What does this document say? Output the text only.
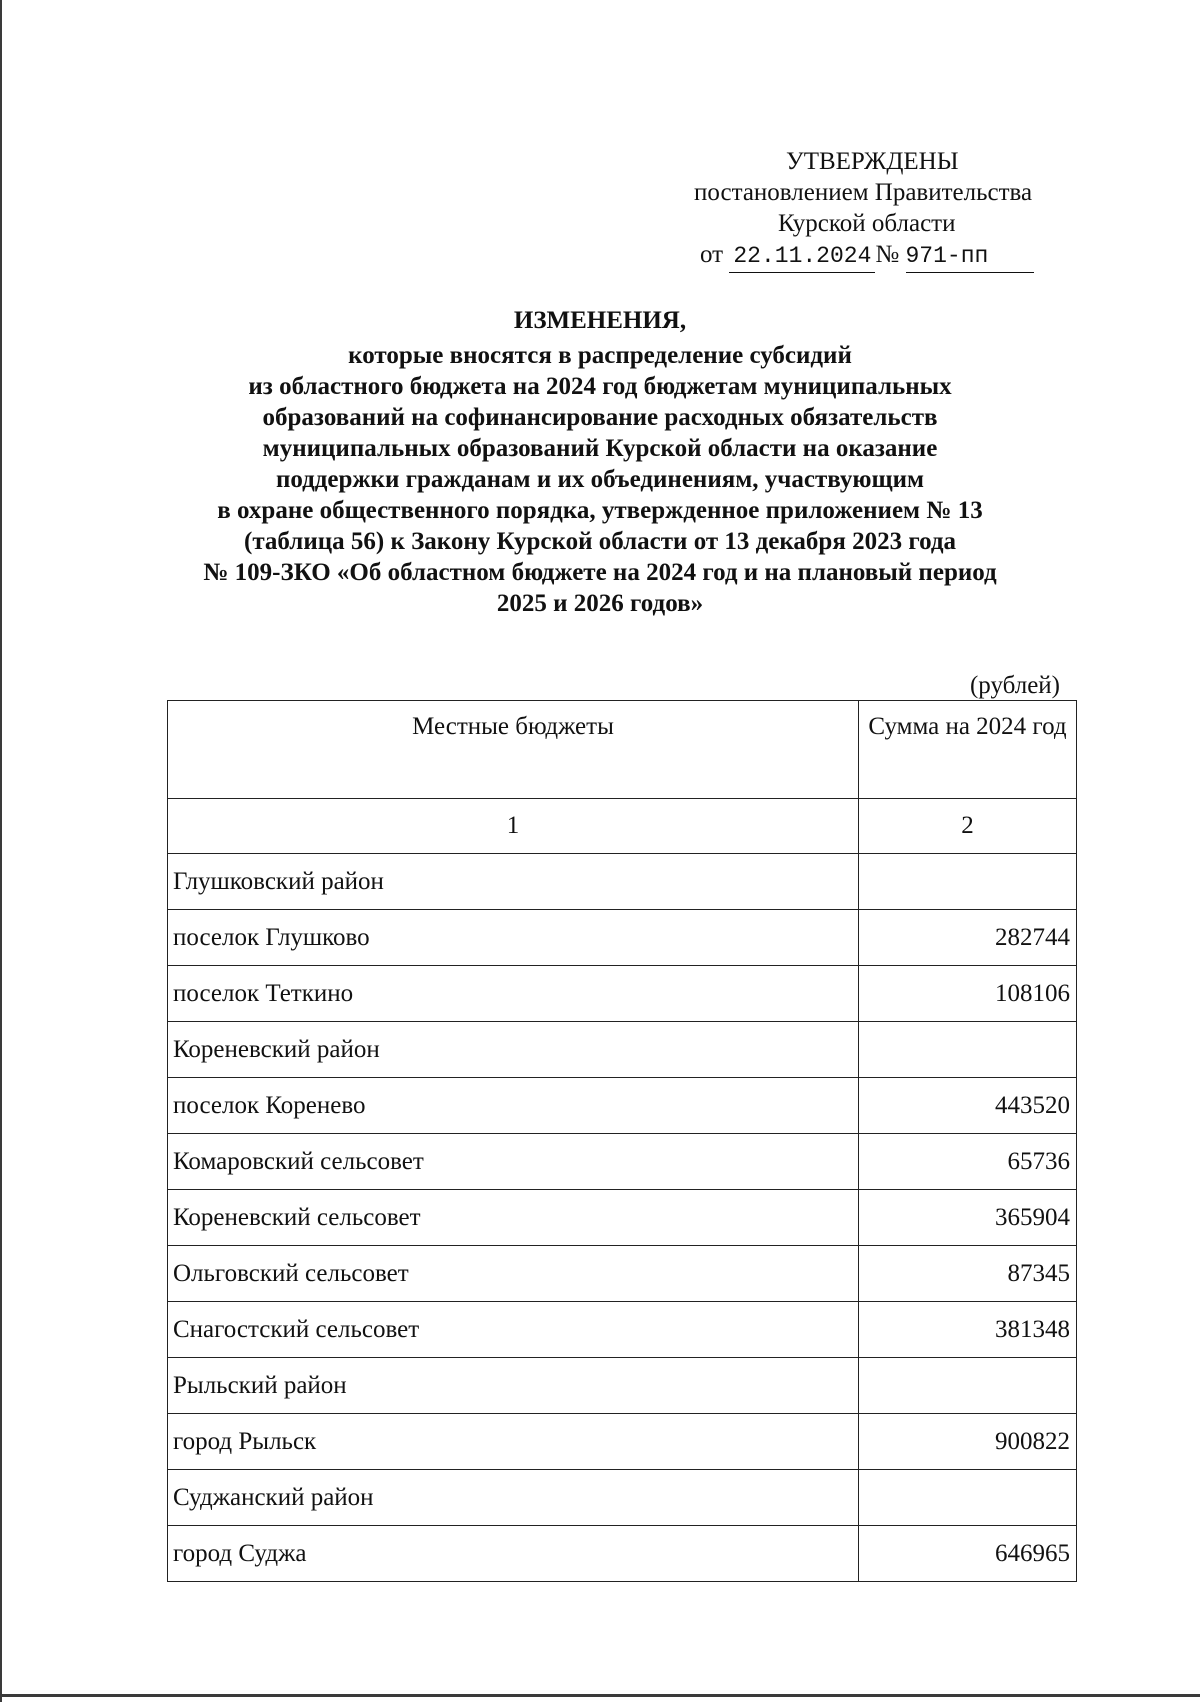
УТВЕРЖДЕНЫ
постановлением Правительства
Курской области
от 22.11.2024 № 971-пп
ИЗМЕНЕНИЯ,
которые вносятся в распределение субсидий
из областного бюджета на 2024 год бюджетам муниципальных
образований на софинансирование расходных обязательств
муниципальных образований Курской области на оказание
поддержки гражданам и их объединениям, участвующим
в охране общественного порядка, утвержденное приложением № 13
(таблица 56) к Закону Курской области от 13 декабря 2023 года
№ 109-ЗКО «Об областном бюджете на 2024 год и на плановый период
2025 и 2026 годов»
(рублей)
Местные бюджеты	Сумма на 2024 год
1	2
Глушковский район	
поселок Глушково	282744
поселок Теткино	108106
Кореневский район	
поселок Коренево	443520
Комаровский сельсовет	65736
Кореневский сельсовет	365904
Ольговский сельсовет	87345
Снагостский сельсовет	381348
Рыльский район	
город Рыльск	900822
Суджанский район	
город Суджа	646965
